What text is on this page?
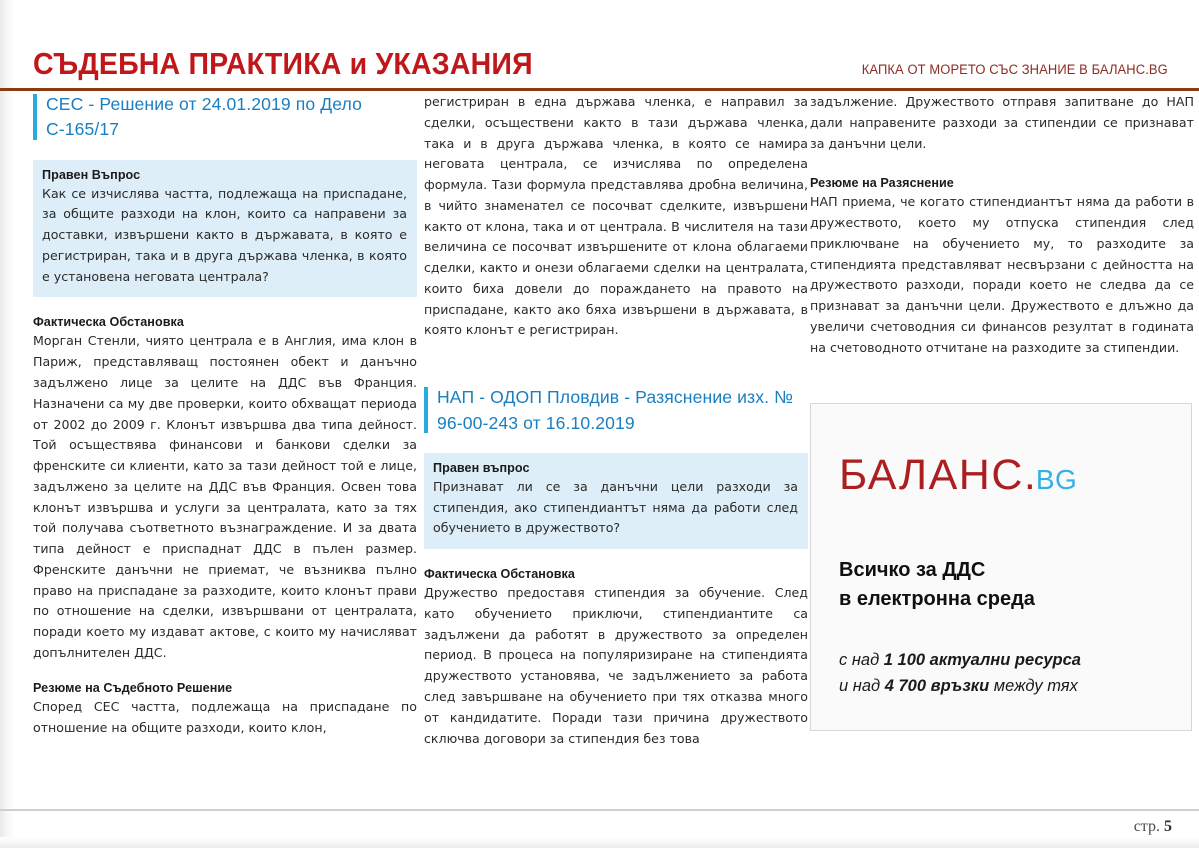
СЪДЕБНА ПРАКТИКА и УКАЗАНИЯ	КАПКА ОТ МОРЕТО СЪС ЗНАНИЕ В БАЛАНС.BG
СЕС - Решение от 24.01.2019 по Дело С-165/17
Правен Въпрос
Как се изчислява частта, подлежаща на приспадане, за общите разходи на клон, които са направени за доставки, извършени както в държавата, в която е регистриран, така и в друга държава членка, в която е установена неговата централа?
Фактическа Обстановка
Морган Стенли, чиято централа е в Англия, има клон в Париж, представляващ постоянен обект и данъчно задължено лице за целите на ДДС във Франция. Назначени са му две проверки, които обхващат периода от 2002 до 2009 г. Клонът извършва два типа дейност. Той осъществява финансови и банкови сделки за френските си клиенти, като за тази дейност той е лице, задължено за целите на ДДС във Франция. Освен това клонът извършва и услуги за централата, като за тях той получава съответното възнаграждение. И за двата типа дейност е приспаднат ДДС в пълен размер. Френските данъчни не приемат, че възниква пълно право на приспадане за разходите, които клонът прави по отношение на сделки, извършвани от централата, поради което му издават актове, с които му начисляват допълнителен ДДС.
Резюме на Съдебното Решение
Според СЕС частта, подлежаща на приспадане по отношение на общите разходи, които клон,

регистриран в една държава членка, е направил за сделки, осъществени както в тази държава членка, така и в друга държава членка, в която се намира неговата централа, се изчислява по определена формула. Тази формула представлява дробна величина, в чийто знаменател се посочват сделките, извършени както от клона, така и от централа. В числителя на тази величина се посочват извършените от клона облагаеми сделки, както и онези облагаеми сделки на централата, които биха довели до пораждането на правото на приспадане, както ако бяха извършени в държавата, в която клонът е регистриран.

НАП - ОДОП Пловдив - Разяснение изх. № 96-00-243 от 16.10.2019
Правен въпрос
Признават ли се за данъчни цели разходи за стипендия, ако стипендиантът няма да работи след обучението в дружеството?
Фактическа Обстановка
Дружество предоставя стипендия за обучение. След като обучението приключи, стипендиантите са задължени да работят в дружеството за определен период. В процеса на популяризиране на стипендията дружеството установява, че задължението за работа след завършване на обучението при тях отказва много от кандидатите. Поради тази причина дружеството сключва договори за стипендия без това

задължение. Дружеството отправя запитване до НАП дали направените разходи за стипендии се признават за данъчни цели.

Резюме на Разяснение
НАП приема, че когато стипендиантът няма да работи в дружеството, което му отпуска стипендия след приключване на обучението му, то разходите за стипендията представляват несвързани с дейността на дружеството разходи, поради което не следва да се признават за данъчни цели. Дружеството е длъжно да увеличи счетоводния си финансов резултат в годината на счетоводното отчитане на разходите за стипендии.
БАЛАНС.BG
Всичко за ДДС
в електронна среда
с над 1 100 актуални ресурса
и над 4 700 връзки между тях
стр. 5
